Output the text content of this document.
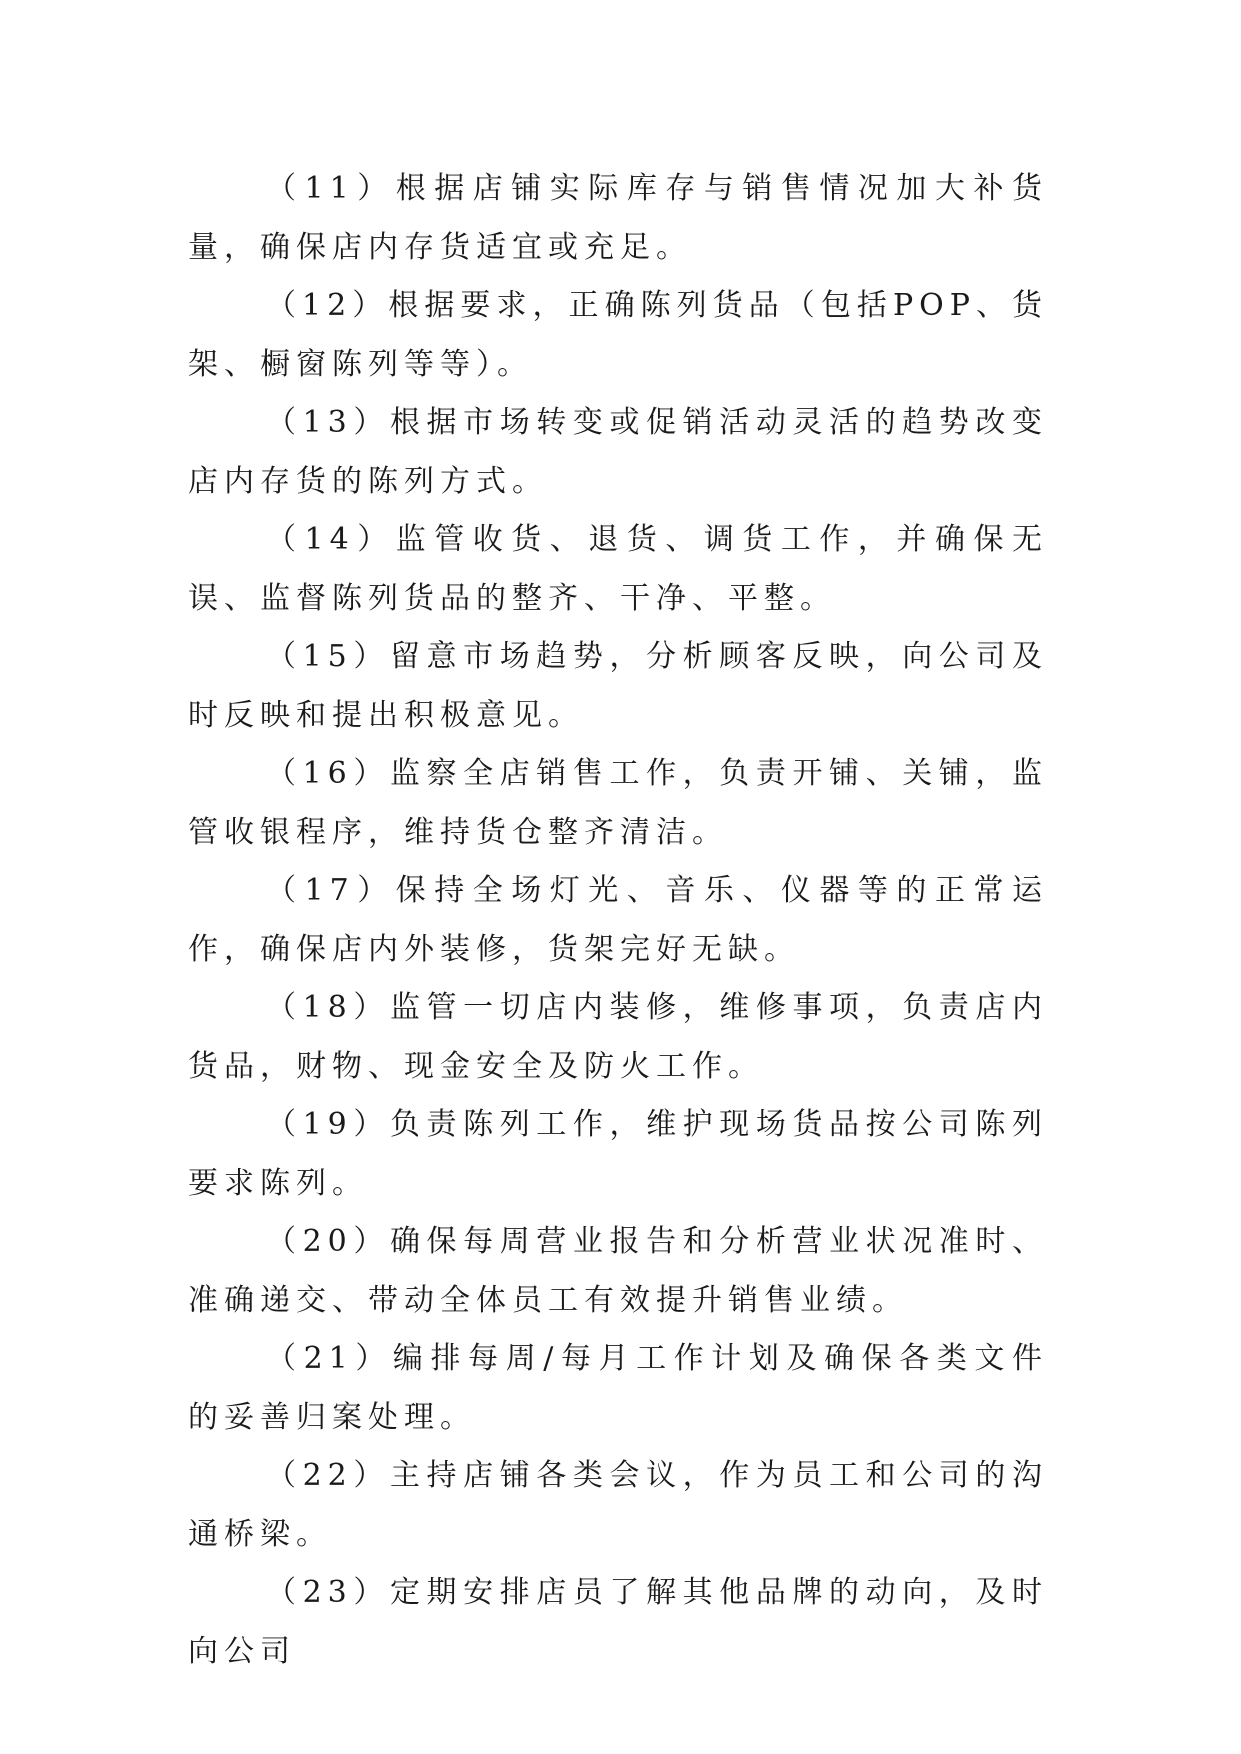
（11）根据店铺实际库存与销售情况加大补货量，确保店内存货适宜或充足。

（12）根据要求，正确陈列货品（包括POP、货架、橱窗陈列等等）。

（13）根据市场转变或促销活动灵活的趋势改变店内存货的陈列方式。

（14）监管收货、退货、调货工作，并确保无误、监督陈列货品的整齐、干净、平整。

（15）留意市场趋势，分析顾客反映，向公司及时反映和提出积极意见。

（16）监察全店销售工作，负责开铺、关铺，监管收银程序，维持货仓整齐清洁。

（17）保持全场灯光、音乐、仪器等的正常运作，确保店内外装修，货架完好无缺。

（18）监管一切店内装修，维修事项，负责店内货品，财物、现金安全及防火工作。

（19）负责陈列工作，维护现场货品按公司陈列要求陈列。

（20）确保每周营业报告和分析营业状况准时、准确递交、带动全体员工有效提升销售业绩。

（21）编排每周/每月工作计划及确保各类文件的妥善归案处理。

（22）主持店铺各类会议，作为员工和公司的沟通桥梁。

（23）定期安排店员了解其他品牌的动向，及时向公司
